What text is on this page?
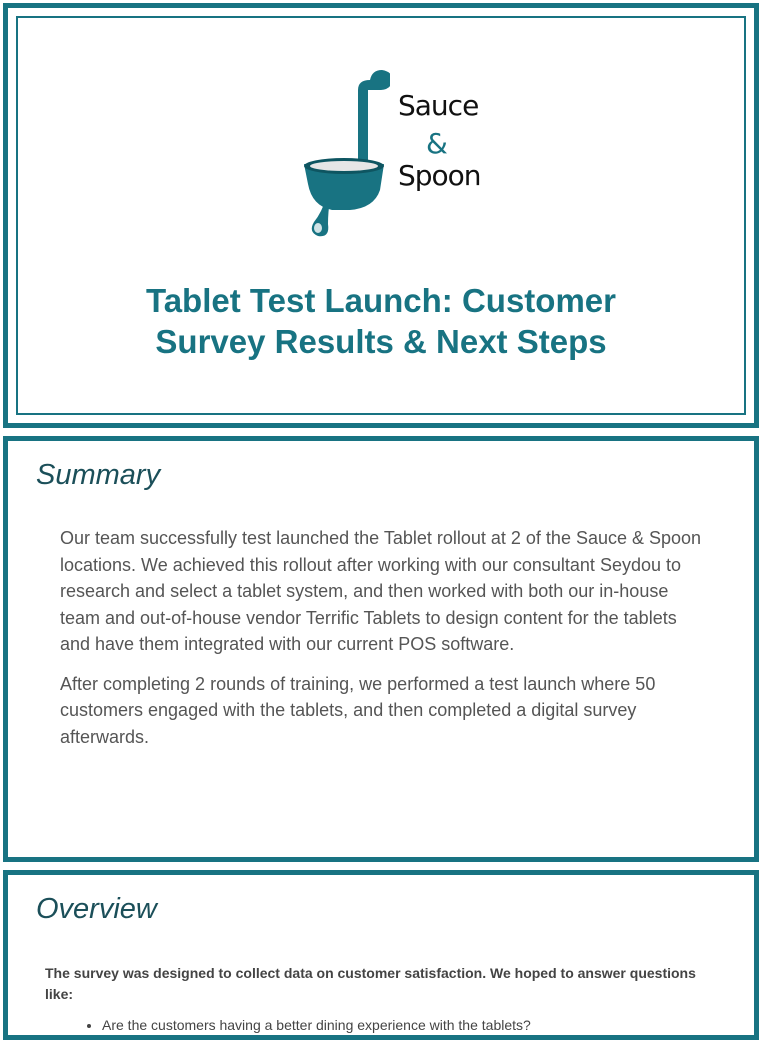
Sauce
&
Spoon
Tablet Test Launch: Customer
Survey Results & Next Steps
Summary

Our team successfully test launched the Tablet rollout at 2 of the Sauce & Spoon locations. We achieved this rollout after working with our consultant Seydou to research and select a tablet system, and then worked with both our in-house team and out-of-house vendor Terrific Tablets to design content for the tablets and have them integrated with our current POS software.

After completing 2 rounds of training, we performed a test launch where 50 customers engaged with the tablets, and then completed a digital survey afterwards.

Overview

The survey was designed to collect data on customer satisfaction. We hoped to answer questions like:

• Are the customers having a better dining experience with the tablets?
